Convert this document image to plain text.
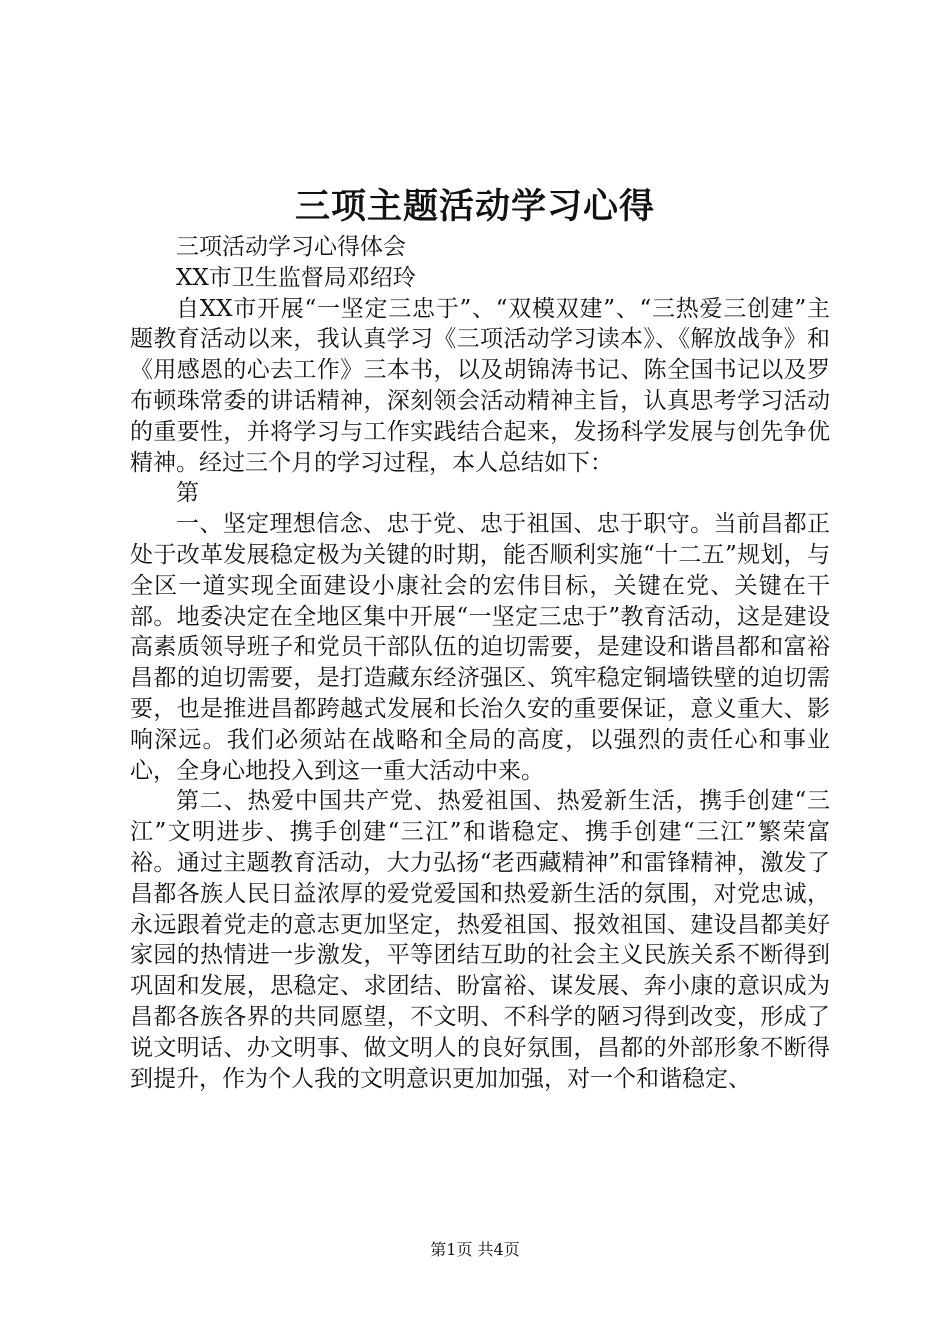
三项主题活动学习心得

三项活动学习心得体会

XX市卫生监督局邓绍玲

自XX市开展“一坚定三忠于”、“双模双建”、“三热爱三创建”主题教育活动以来，我认真学习《三项活动学习读本》、《解放战争》和《用感恩的心去工作》三本书，以及胡锦涛书记、陈全国书记以及罗布顿珠常委的讲话精神，深刻领会活动精神主旨，认真思考学习活动的重要性，并将学习与工作实践结合起来，发扬科学发展与创先争优精神。经过三个月的学习过程，本人总结如下：

第

一、坚定理想信念、忠于党、忠于祖国、忠于职守。当前昌都正处于改革发展稳定极为关键的时期，能否顺利实施“十二五”规划，与全区一道实现全面建设小康社会的宏伟目标，关键在党、关键在干部。地委决定在全地区集中开展“一坚定三忠于”教育活动，这是建设高素质领导班子和党员干部队伍的迫切需要，是建设和谐昌都和富裕昌都的迫切需要，是打造藏东经济强区、筑牢稳定铜墙铁壁的迫切需要，也是推进昌都跨越式发展和长治久安的重要保证，意义重大、影响深远。我们必须站在战略和全局的高度，以强烈的责任心和事业心，全身心地投入到这一重大活动中来。

第二、热爱中国共产党、热爱祖国、热爱新生活，携手创建“三江”文明进步、携手创建“三江”和谐稳定、携手创建“三江”繁荣富裕。通过主题教育活动，大力弘扬“老西藏精神”和雷锋精神，激发了昌都各族人民日益浓厚的爱党爱国和热爱新生活的氛围，对党忠诚，永远跟着党走的意志更加坚定，热爱祖国、报效祖国、建设昌都美好家园的热情进一步激发，平等团结互助的社会主义民族关系不断得到巩固和发展，思稳定、求团结、盼富裕、谋发展、奔小康的意识成为昌都各族各界的共同愿望，不文明、不科学的陋习得到改变，形成了说文明话、办文明事、做文明人的良好氛围，昌都的外部形象不断得到提升，作为个人我的文明意识更加加强，对一个和谐稳定、

第1页 共4页
